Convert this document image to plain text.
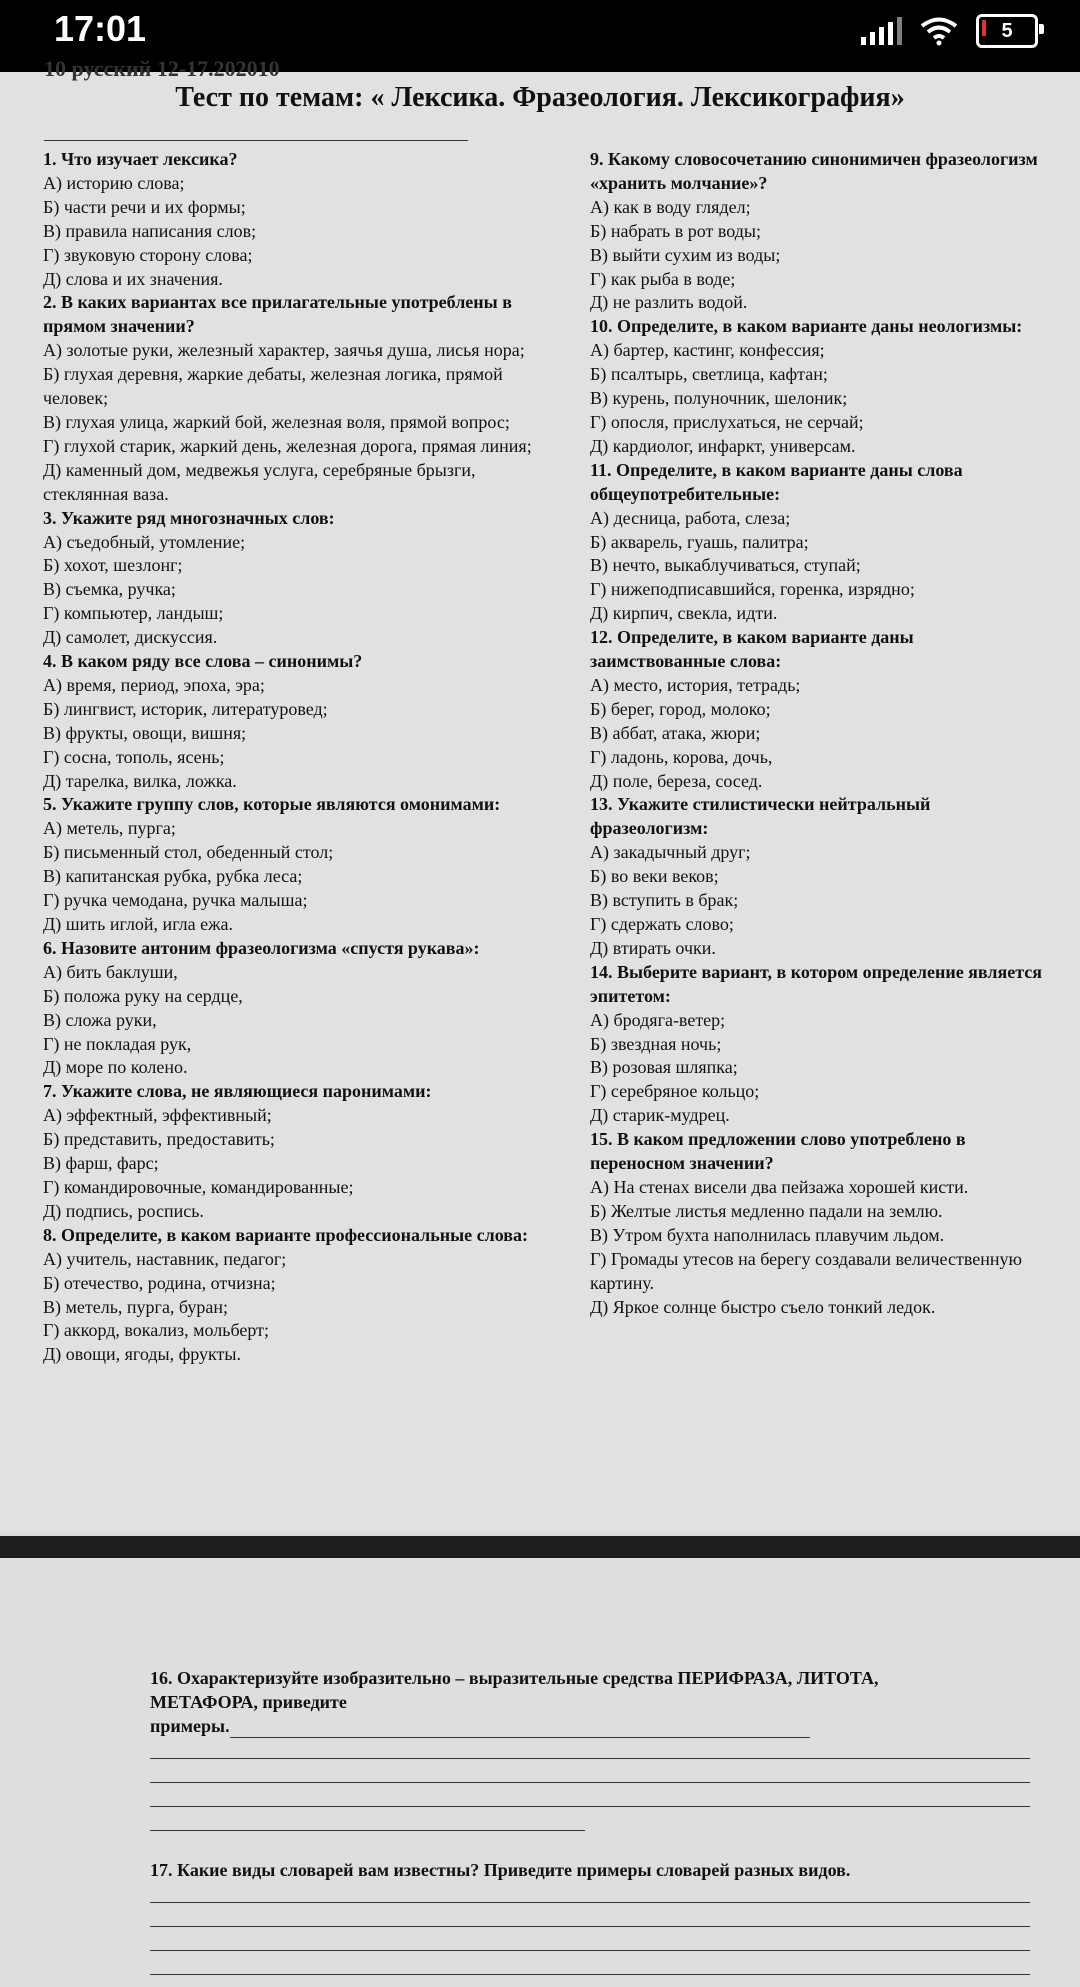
17:01	5
10 русский 12-17.202010
Тест по темам: « Лексика. Фразеология. Лексикография»
1. Что изучает лексика?
А) историю слова;
Б) части речи и их формы;
В) правила написания слов;
Г) звуковую сторону слова;
Д) слова и их значения.
2. В каких вариантах все прилагательные употреблены в прямом значении?
А) золотые руки, железный характер, заячья душа, лисья нора;
Б) глухая деревня, жаркие дебаты, железная логика, прямой человек;
В) глухая улица, жаркий бой, железная воля, прямой вопрос;
Г) глухой старик, жаркий день, железная дорога, прямая линия;
Д) каменный дом, медвежья услуга, серебряные брызги, стеклянная ваза.
3. Укажите ряд многозначных слов:
А) съедобный, утомление;
Б) хохот, шезлонг;
В) съемка, ручка;
Г) компьютер, ландыш;
Д) самолет, дискуссия.
4. В каком ряду все слова – синонимы?
А) время, период, эпоха, эра;
Б) лингвист, историк, литературовед;
В) фрукты, овощи, вишня;
Г) сосна, тополь, ясень;
Д) тарелка, вилка, ложка.
5. Укажите группу слов, которые являются омонимами:
А) метель, пурга;
Б) письменный стол, обеденный стол;
В) капитанская рубка, рубка леса;
Г) ручка чемодана, ручка малыша;
Д) шить иглой, игла ежа.
6. Назовите антоним фразеологизма «спустя рукава»:
А) бить баклуши,
Б) положа руку на сердце,
В) сложа руки,
Г) не покладая рук,
Д) море по колено.
7. Укажите слова, не являющиеся паронимами:
А) эффектный, эффективный;
Б) представить, предоставить;
В) фарш, фарс;
Г) командировочные, командированные;
Д) подпись, роспись.
8. Определите, в каком варианте профессиональные слова:
А) учитель, наставник, педагог;
Б) отечество, родина, отчизна;
В) метель, пурга, буран;
Г) аккорд, вокализ, мольберт;
Д) овощи, ягоды, фрукты.
9. Какому словосочетанию синонимичен фразеологизм «хранить молчание»?
А) как в воду глядел;
Б) набрать в рот воды;
В) выйти сухим из воды;
Г) как рыба в воде;
Д) не разлить водой.
10. Определите, в каком варианте даны неологизмы:
А) бартер, кастинг, конфессия;
Б) псалтырь, светлица, кафтан;
В) курень, полуночник, шелоник;
Г) опосля, прислухаться, не серчай;
Д) кардиолог, инфаркт, универсам.
11. Определите, в каком варианте даны слова общеупотребительные:
А) десница, работа, слеза;
Б) акварель, гуашь, палитра;
В) нечто, выкаблучиваться, ступай;
Г) нижеподписавшийся, горенка, изрядно;
Д) кирпич, свекла, идти.
12. Определите, в каком варианте даны заимствованные слова:
А) место, история, тетрадь;
Б) берег, город, молоко;
В) аббат, атака, жюри;
Г) ладонь, корова, дочь,
Д) поле, береза, сосед.
13. Укажите стилистически нейтральный фразеологизм:
А) закадычный друг;
Б) во веки веков;
В) вступить в брак;
Г) сдержать слово;
Д) втирать очки.
14. Выберите вариант, в котором определение является эпитетом:
А) бродяга-ветер;
Б) звездная ночь;
В) розовая шляпка;
Г) серебряное кольцо;
Д) старик-мудрец.
15. В каком предложении слово употреблено в переносном значении?
А) На стенах висели два пейзажа хорошей кисти.
Б) Желтые листья медленно падали на землю.
В) Утром бухта наполнилась плавучим льдом.
Г) Громады утесов на берегу создавали величественную картину.
Д) Яркое солнце быстро съело тонкий ледок.
16. Охарактеризуйте изобразительно – выразительные средства ПЕРИФРАЗА, ЛИТОТА,
МЕТАФОРА, приведите
примеры.
17. Какие виды словарей вам известны? Приведите примеры словарей разных видов.
